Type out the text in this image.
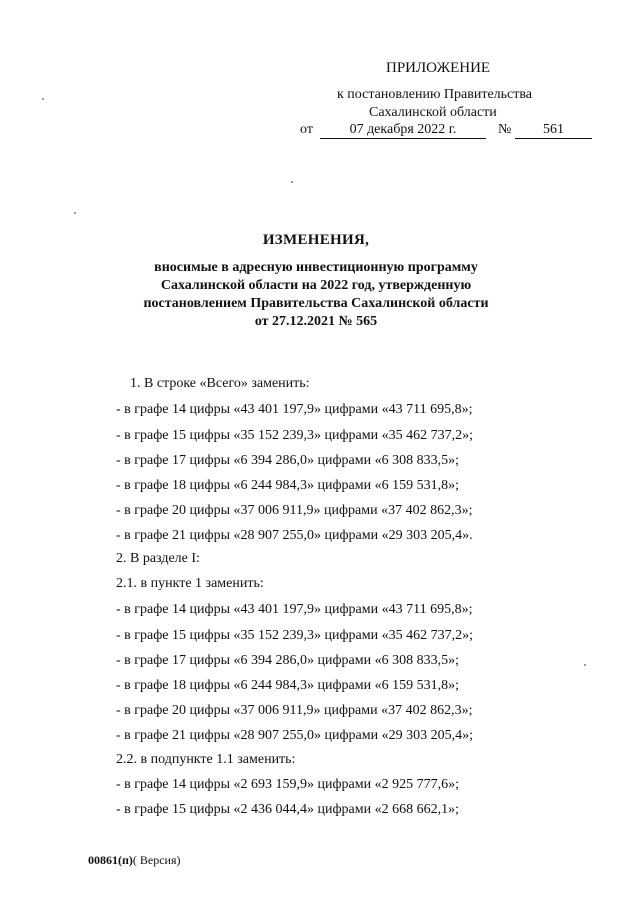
ПРИЛОЖЕНИЕ
к постановлению Правительства
Сахалинской области
от	07 декабря 2022 г.	№	561
ИЗМЕНЕНИЯ,
вносимые в адресную инвестиционную программу
Сахалинской области на 2022 год, утвержденную
постановлением Правительства Сахалинской области
от 27.12.2021 № 565
1. В строке «Всего» заменить:
- в графе 14 цифры «43 401 197,9» цифрами «43 711 695,8»;
- в графе 15 цифры «35 152 239,3» цифрами «35 462 737,2»;
- в графе 17 цифры «6 394 286,0» цифрами «6 308 833,5»;
- в графе 18 цифры «6 244 984,3» цифрами «6 159 531,8»;
- в графе 20 цифры «37 006 911,9» цифрами «37 402 862,3»;
- в графе 21 цифры «28 907 255,0» цифрами «29 303 205,4».
2. В разделе I:
2.1. в пункте 1 заменить:
- в графе 14 цифры «43 401 197,9» цифрами «43 711 695,8»;
- в графе 15 цифры «35 152 239,3» цифрами «35 462 737,2»;
- в графе 17 цифры «6 394 286,0» цифрами «6 308 833,5»;
- в графе 18 цифры «6 244 984,3» цифрами «6 159 531,8»;
- в графе 20 цифры «37 006 911,9» цифрами «37 402 862,3»;
- в графе 21 цифры «28 907 255,0» цифрами «29 303 205,4»;
2.2. в подпункте 1.1 заменить:
- в графе 14 цифры «2 693 159,9» цифрами «2 925 777,6»;
- в графе 15 цифры «2 436 044,4» цифрами «2 668 662,1»;
00861(п)( Версия)
